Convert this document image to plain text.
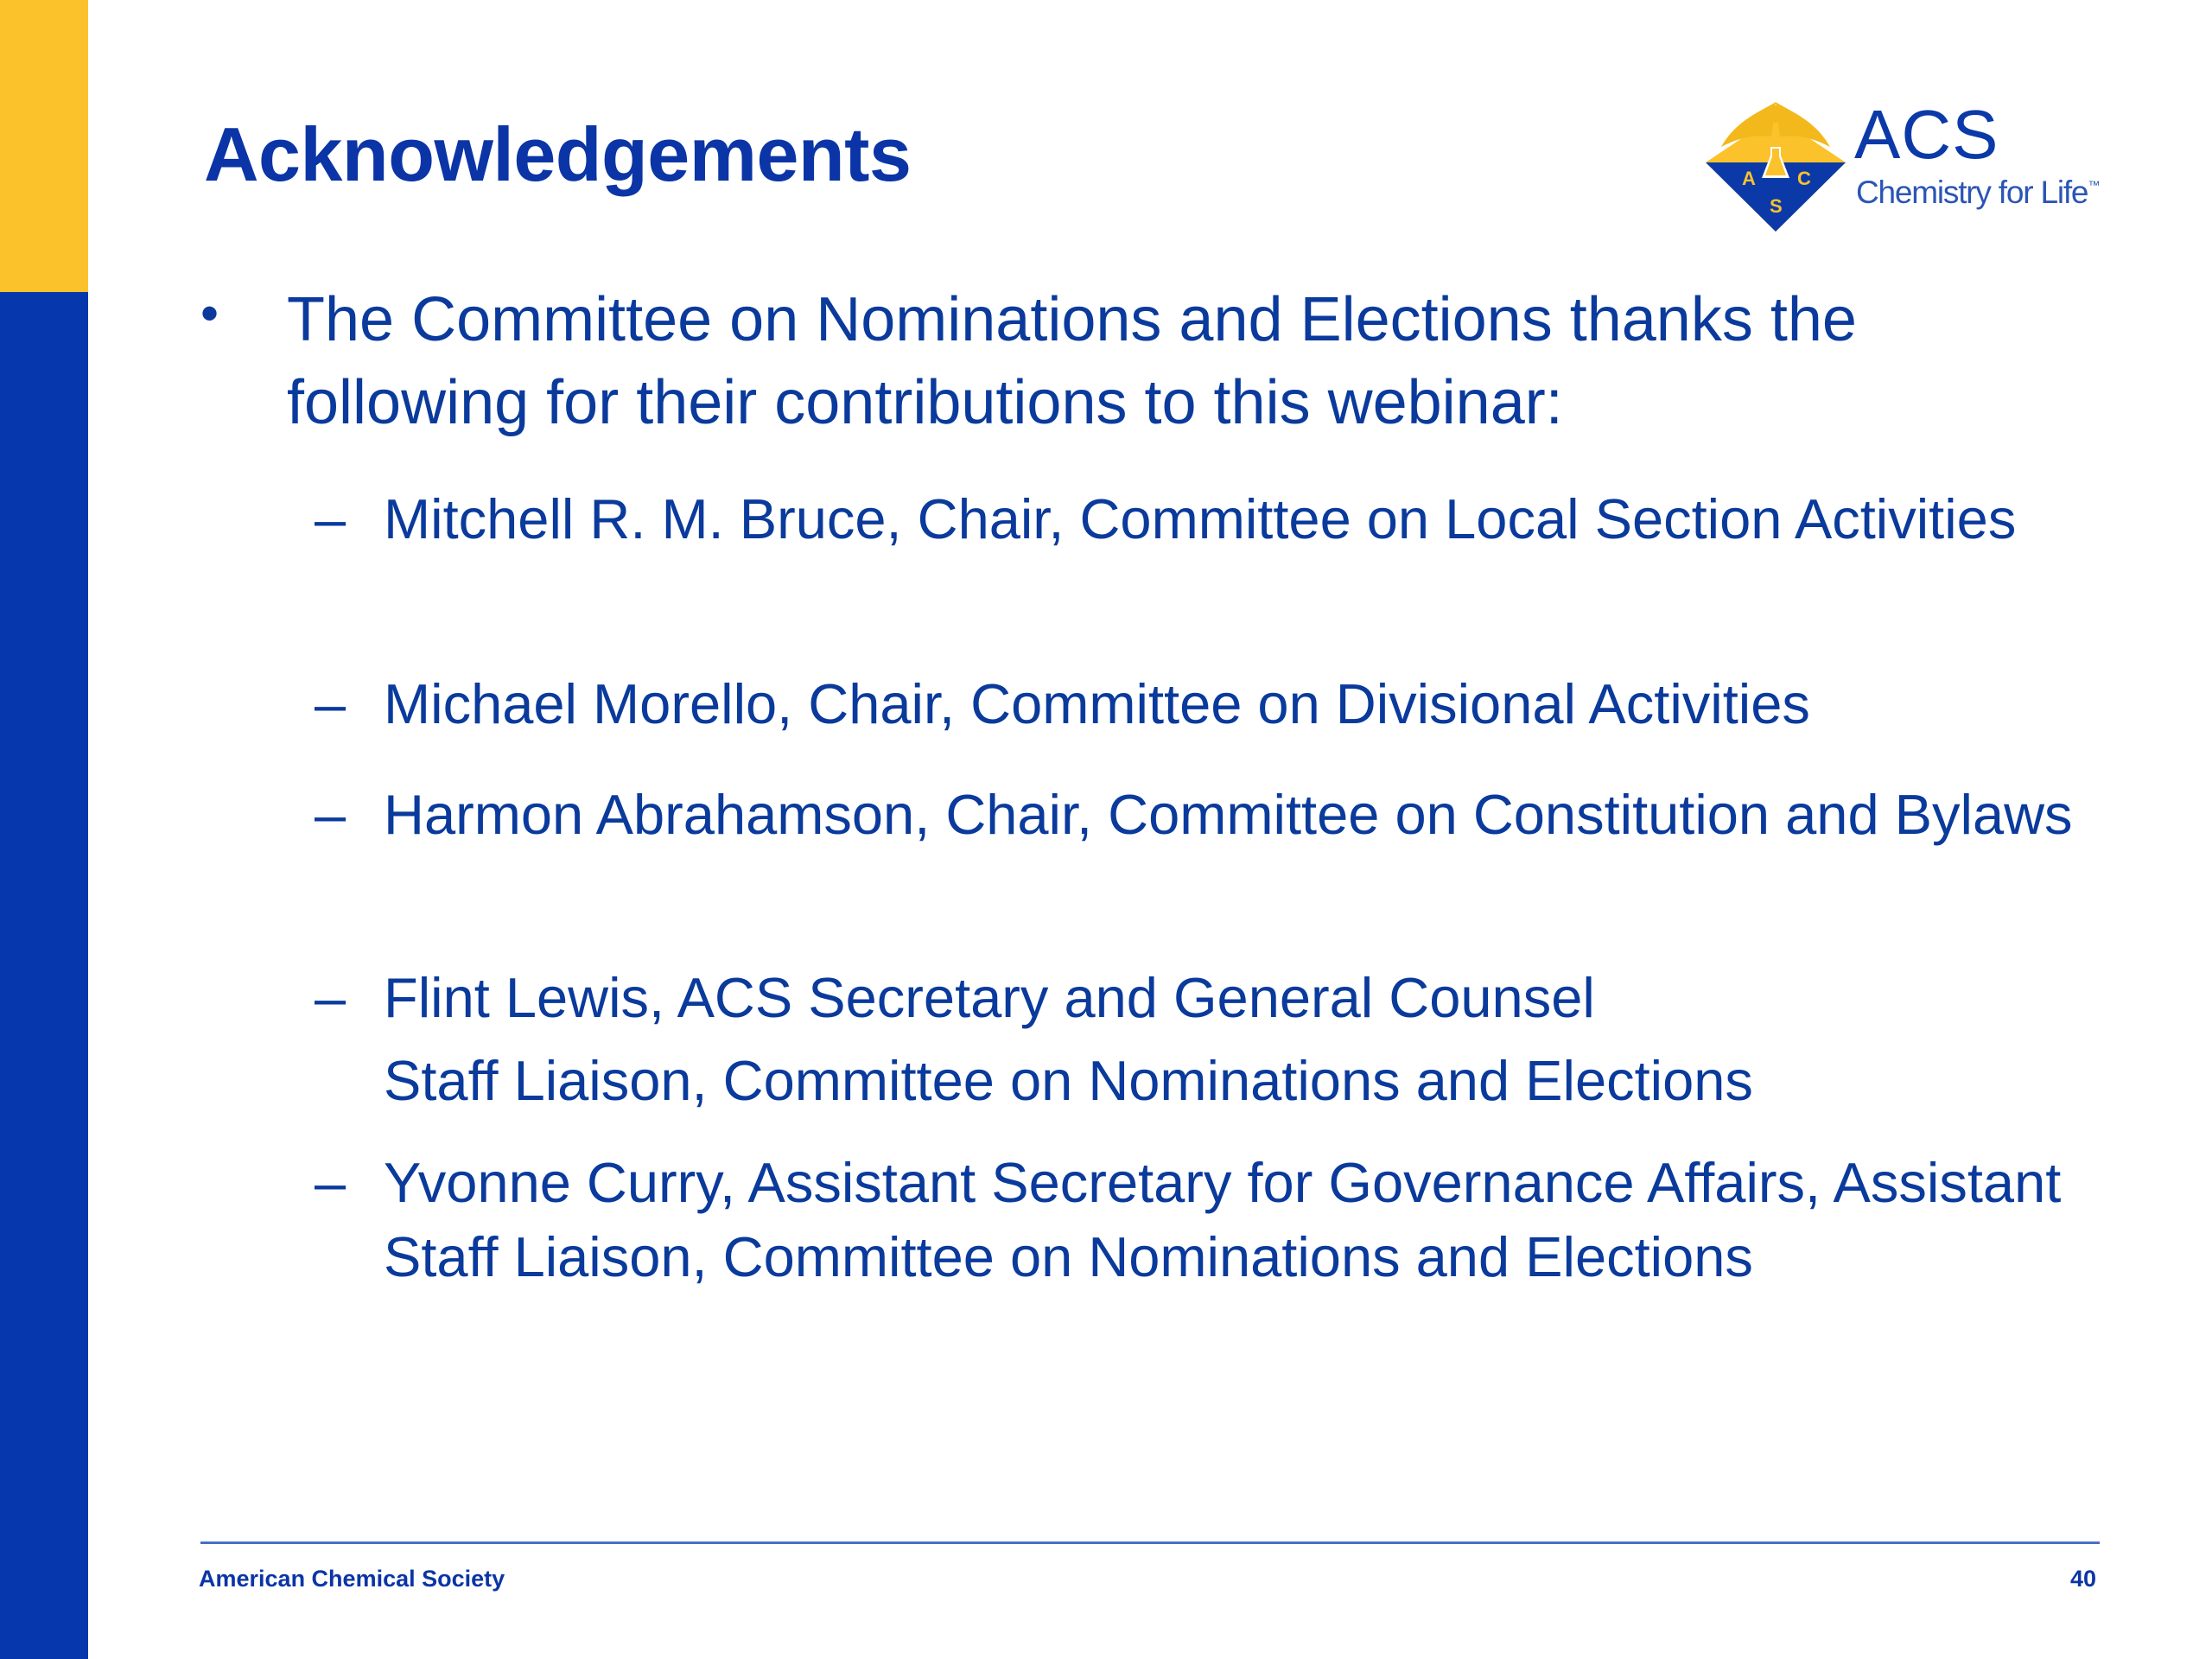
Acknowledgements	A C
S
ACS
Chemistry for Life™
• The Committee on Nominations and Elections thanks the following for their contributions to this webinar:
– Mitchell R. M. Bruce, Chair, Committee on Local Section Activities
– Michael Morello, Chair, Committee on Divisional Activities
– Harmon Abrahamson, Chair, Committee on Constitution and Bylaws
– Flint Lewis, ACS Secretary and General Counsel
Staff Liaison, Committee on Nominations and Elections
– Yvonne Curry, Assistant Secretary for Governance Affairs, Assistant Staff Liaison, Committee on Nominations and Elections
American Chemical Society	40
